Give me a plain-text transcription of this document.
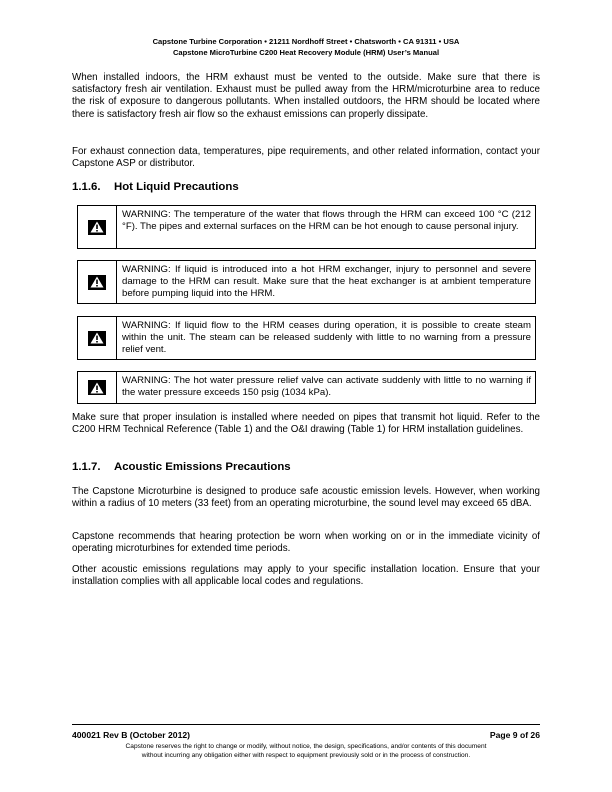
Capstone Turbine Corporation • 21211 Nordhoff Street • Chatsworth • CA 91311 • USA
Capstone MicroTurbine C200 Heat Recovery Module (HRM) User’s Manual

When installed indoors, the HRM exhaust must be vented to the outside. Make sure that there is satisfactory fresh air ventilation. Exhaust must be pulled away from the HRM/microturbine area to reduce the risk of exposure to dangerous pollutants. When installed outdoors, the HRM should be located where there is satisfactory fresh air flow so the exhaust emissions can properly dissipate.

For exhaust connection data, temperatures, pipe requirements, and other related information, contact your Capstone ASP or distributor.

1.1.6. Hot Liquid Precautions
WARNING: The temperature of the water that flows through the HRM can exceed 100 °C (212 °F). The pipes and external surfaces on the HRM can be hot enough to cause personal injury.
WARNING: If liquid is introduced into a hot HRM exchanger, injury to personnel and severe damage to the HRM can result. Make sure that the heat exchanger is at ambient temperature before pumping liquid into the HRM.
WARNING: If liquid flow to the HRM ceases during operation, it is possible to create steam within the unit. The steam can be released suddenly with little to no warning from a pressure relief vent.
WARNING: The hot water pressure relief valve can activate suddenly with little to no warning if the water pressure exceeds 150 psig (1034 kPa).

Make sure that proper insulation is installed where needed on pipes that transmit hot liquid. Refer to the C200 HRM Technical Reference (Table 1) and the O&I drawing (Table 1) for HRM installation guidelines.

1.1.7. Acoustic Emissions Precautions

The Capstone Microturbine is designed to produce safe acoustic emission levels. However, when working within a radius of 10 meters (33 feet) from an operating microturbine, the sound level may exceed 65 dBA.

Capstone recommends that hearing protection be worn when working on or in the immediate vicinity of operating microturbines for extended time periods.

Other acoustic emissions regulations may apply to your specific installation location. Ensure that your installation complies with all applicable local codes and regulations.

400021 Rev B (October 2012)	Page 9 of 26
Capstone reserves the right to change or modify, without notice, the design, specifications, and/or contents of this document
without incurring any obligation either with respect to equipment previously sold or in the process of construction.
